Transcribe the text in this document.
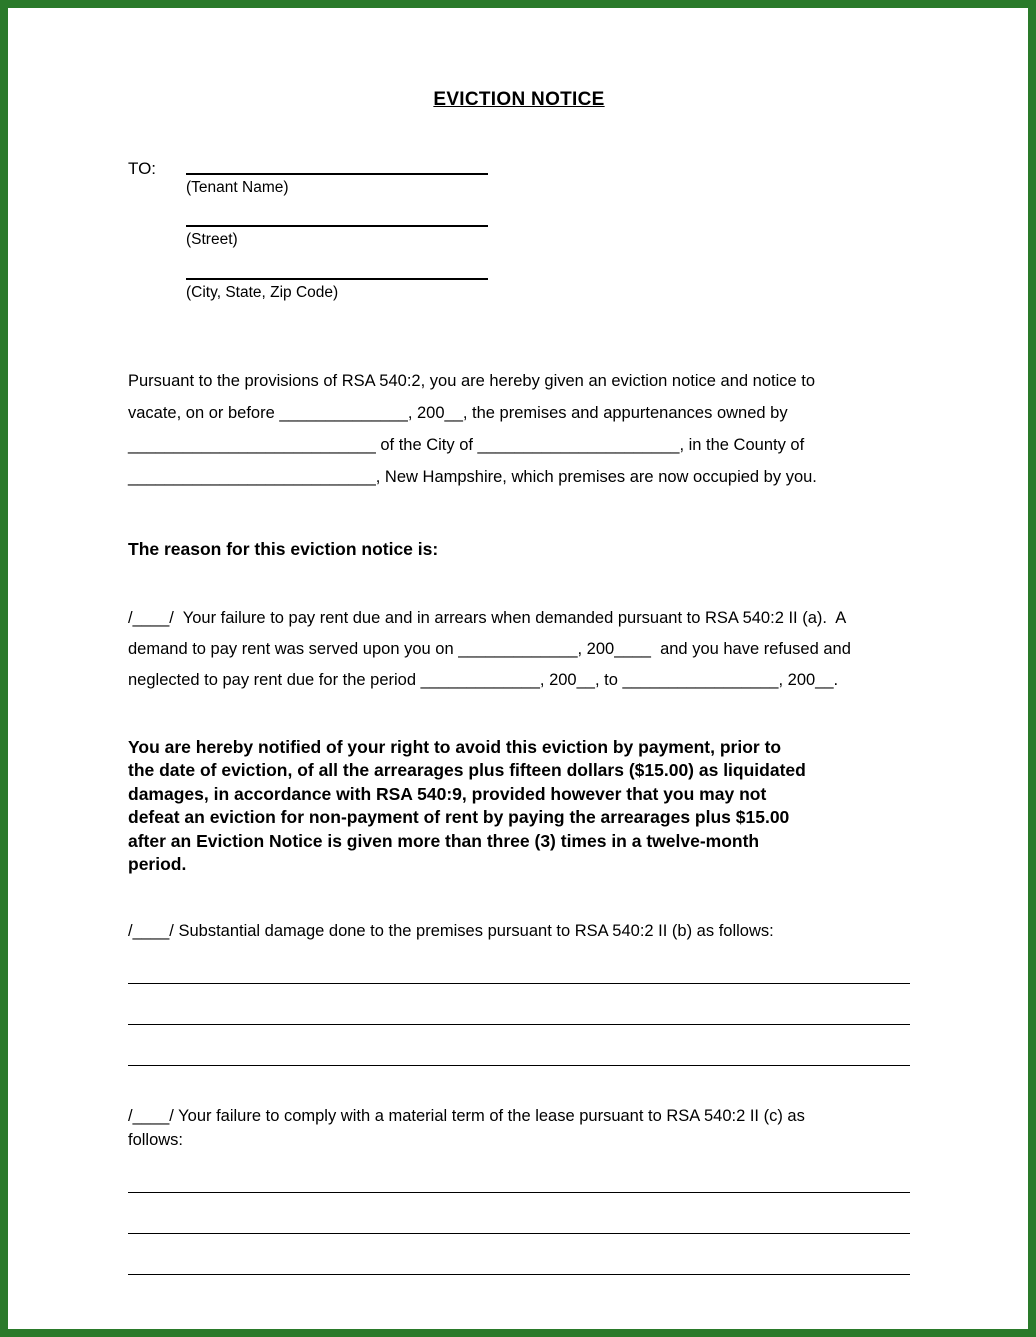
EVICTION NOTICE
TO:
(Tenant Name)
(Street)
(City, State, Zip Code)
Pursuant to the provisions of RSA 540:2, you are hereby given an eviction notice and notice to
vacate, on or before ______________, 200__, the premises and appurtenances owned by
___________________________ of the City of ______________________, in the County of
___________________________, New Hampshire, which premises are now occupied by you.
The reason for this eviction notice is:
/____/  Your failure to pay rent due and in arrears when demanded pursuant to RSA 540:2 II (a).  A
demand to pay rent was served upon you on _____________, 200____  and you have refused and
neglected to pay rent due for the period _____________, 200__, to _________________, 200__.
You are hereby notified of your right to avoid this eviction by payment, prior to
the date of eviction, of all the arrearages plus fifteen dollars ($15.00) as liquidated
damages, in accordance with RSA 540:9, provided however that you may not
defeat an eviction for non-payment of rent by paying the arrearages plus $15.00
after an Eviction Notice is given more than three (3) times in a twelve-month
period.
/____/ Substantial damage done to the premises pursuant to RSA 540:2 II (b) as follows:
/____/ Your failure to comply with a material term of the lease pursuant to RSA 540:2 II (c) as
follows:
